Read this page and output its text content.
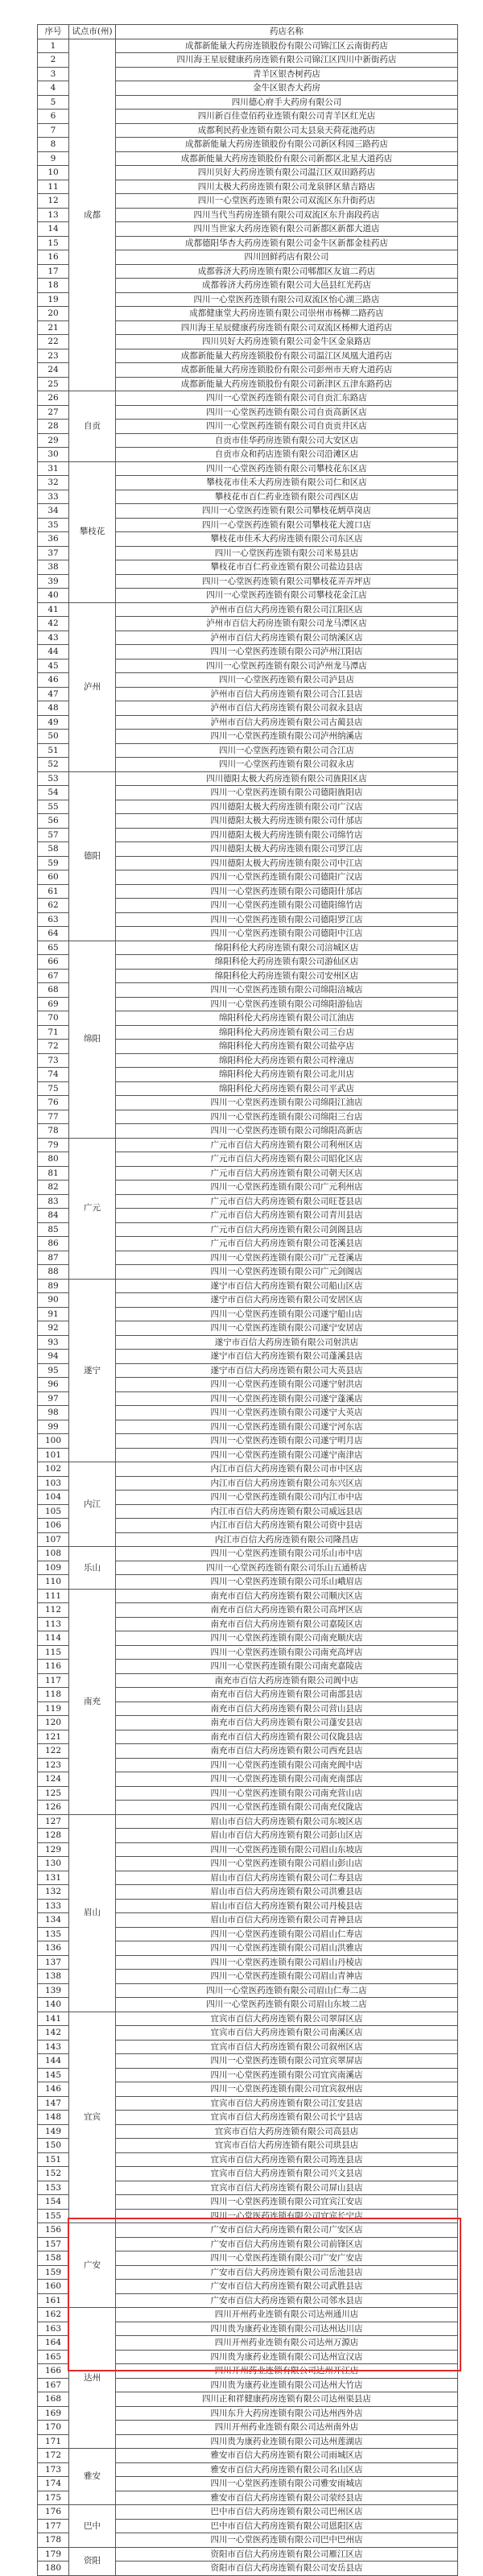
序号	试点市(州)	药店名称
1	成都	成都新能量大药房连锁股份有限公司锦江区云南街药店
2		四川海王星辰健康药房连锁有限公司锦江区四川中新街药店
3		青羊区银杏树药店
4		金牛区银杏大药房
5		四川德心府手大药房有限公司
6		四川新百佳壹佰药业连锁有限公司青羊区红光店
7		成都利民药业连锁有限公司太县泉天荷花池药店
8		成都新能量大药房连锁股份有限公司新区科园三路药店
9		成都新能量大药房连锁股份有限公司新都区北星大道药店
10		四川贝好大药房连锁有限公司温江区双田路药店
11		四川太极大药房连锁有限公司龙泉驿区鼎吉路店
12		四川一心堂医药连锁有限公司双流区东升街药店
13		四川当代当药房连锁有限公司双流区东升南段药店
14		四川当世家大药房连锁有限公司新都区新都大道店
15		成都德阳华杏大药房连锁有限公司金牛区新都金桂药店
16		四川回鲜药店有限公司
17		成都蓉济大药房连锁有限公司郫都区友谊二药店
18		成都蓉济大药房连锁有限公司大邑县红光药店
19		四川一心堂医药连锁有限公司双流区怡心湖三路店
20		成都健康堂大药房连锁有限公司崇州市杨柳二路药店
21		四川海王星辰健康药房连锁有限公司双流区杨柳大道药店
22		四川贝好大药房连锁有限公司金牛区金泉路店
23		成都新能量大药房连锁股份有限公司温江区凤凰大道药店
24		成都新能量大药房连锁股份有限公司彭州市天府大道药店
25		成都新能量大药房连锁股份有限公司新津区五津东路药店
26	自贡	四川一心堂医药连锁有限公司自贡汇东路店
27		四川一心堂医药连锁有限公司自贡高新区店
28		四川一心堂医药连锁有限公司自贡贡井区店
29		自贡市佳华药房连锁有限公司大安区店
30		自贡市众和药店连锁有限公司沿滩区店
31	攀枝花	四川一心堂医药连锁有限公司攀枝花东区店
32		攀枝花市佳禾大药房连锁有限公司仁和区店
33		攀枝花市百仁药业连锁有限公司西区店
34		四川一心堂医药连锁有限公司攀枝花炳草岗店
35		四川一心堂医药连锁有限公司攀枝花大渡口店
36		攀枝花市佳禾大药房连锁有限公司东区店
37		四川一心堂医药连锁有限公司米易县店
38		攀枝花市百仁药业连锁有限公司盐边县店
39		四川一心堂医药连锁有限公司攀枝花弄弄坪店
40		四川一心堂医药连锁有限公司攀枝花金江店
41	泸州	泸州市百信大药房连锁有限公司江阳区店
42		泸州市百信大药房连锁有限公司龙马潭区店
43		泸州市百信大药房连锁有限公司纳溪区店
44		四川一心堂医药连锁有限公司泸州江阳店
45		四川一心堂医药连锁有限公司泸州龙马潭店
46		四川一心堂医药连锁有限公司泸县店
47		泸州市百信大药房连锁有限公司合江县店
48		泸州市百信大药房连锁有限公司叙永县店
49		泸州市百信大药房连锁有限公司古蔺县店
50		四川一心堂医药连锁有限公司泸州纳溪店
51		四川一心堂医药连锁有限公司合江店
52		四川一心堂医药连锁有限公司叙永店
53	德阳	四川德阳太极大药房连锁有限公司旌阳区店
54		四川一心堂医药连锁有限公司德阳旌阳店
55		四川德阳太极大药房连锁有限公司广汉店
56		四川德阳太极大药房连锁有限公司什邡店
57		四川德阳太极大药房连锁有限公司绵竹店
58		四川德阳太极大药房连锁有限公司罗江店
59		四川德阳太极大药房连锁有限公司中江店
60		四川一心堂医药连锁有限公司德阳广汉店
61		四川一心堂医药连锁有限公司德阳什邡店
62		四川一心堂医药连锁有限公司德阳绵竹店
63		四川一心堂医药连锁有限公司德阳罗江店
64		四川一心堂医药连锁有限公司德阳中江店
65	绵阳	绵阳科伦大药房连锁有限公司涪城区店
66		绵阳科伦大药房连锁有限公司游仙区店
67		绵阳科伦大药房连锁有限公司安州区店
68		四川一心堂医药连锁有限公司绵阳涪城店
69		四川一心堂医药连锁有限公司绵阳游仙店
70		绵阳科伦大药房连锁有限公司江油店
71		绵阳科伦大药房连锁有限公司三台店
72		绵阳科伦大药房连锁有限公司盐亭店
73		绵阳科伦大药房连锁有限公司梓潼店
74		绵阳科伦大药房连锁有限公司北川店
75		绵阳科伦大药房连锁有限公司平武店
76		四川一心堂医药连锁有限公司绵阳江油店
77		四川一心堂医药连锁有限公司绵阳三台店
78		四川一心堂医药连锁有限公司绵阳高新店
79	广元	广元市百信大药房连锁有限公司利州区店
80		广元市百信大药房连锁有限公司昭化区店
81		广元市百信大药房连锁有限公司朝天区店
82		四川一心堂医药连锁有限公司广元利州店
83		广元市百信大药房连锁有限公司旺苍县店
84		广元市百信大药房连锁有限公司青川县店
85		广元市百信大药房连锁有限公司剑阁县店
86		广元市百信大药房连锁有限公司苍溪县店
87		四川一心堂医药连锁有限公司广元苍溪店
88		四川一心堂医药连锁有限公司广元剑阁店
89	遂宁	遂宁市百信大药房连锁有限公司船山区店
90		遂宁市百信大药房连锁有限公司安居区店
91		四川一心堂医药连锁有限公司遂宁船山店
92		四川一心堂医药连锁有限公司遂宁安居店
93		遂宁市百信大药房连锁有限公司射洪店
94		遂宁市百信大药房连锁有限公司蓬溪县店
95		遂宁市百信大药房连锁有限公司大英县店
96		四川一心堂医药连锁有限公司遂宁射洪店
97		四川一心堂医药连锁有限公司遂宁蓬溪店
98		四川一心堂医药连锁有限公司遂宁大英店
99		四川一心堂医药连锁有限公司遂宁河东店
100		四川一心堂医药连锁有限公司遂宁明月店
101		四川一心堂医药连锁有限公司遂宁南津店
102	内江	内江市百信大药房连锁有限公司市中区店
103		内江市百信大药房连锁有限公司东兴区店
104		四川一心堂医药连锁有限公司内江市中店
105		内江市百信大药房连锁有限公司威远县店
106		内江市百信大药房连锁有限公司资中县店
107		内江市百信大药房连锁有限公司隆昌店
108	乐山	四川一心堂医药连锁有限公司乐山市中店
109		四川一心堂医药连锁有限公司乐山五通桥店
110		四川一心堂医药连锁有限公司乐山峨眉店
111	南充	南充市百信大药房连锁有限公司顺庆区店
112		南充市百信大药房连锁有限公司高坪区店
113		南充市百信大药房连锁有限公司嘉陵区店
114		四川一心堂医药连锁有限公司南充顺庆店
115		四川一心堂医药连锁有限公司南充高坪店
116		四川一心堂医药连锁有限公司南充嘉陵店
117		南充市百信大药房连锁有限公司阆中店
118		南充市百信大药房连锁有限公司南部县店
119		南充市百信大药房连锁有限公司营山县店
120		南充市百信大药房连锁有限公司蓬安县店
121		南充市百信大药房连锁有限公司仪陇县店
122		南充市百信大药房连锁有限公司西充县店
123		四川一心堂医药连锁有限公司南充阆中店
124		四川一心堂医药连锁有限公司南充南部店
125		四川一心堂医药连锁有限公司南充营山店
126		四川一心堂医药连锁有限公司南充仪陇店
127	眉山	眉山市百信大药房连锁有限公司东坡区店
128		眉山市百信大药房连锁有限公司彭山区店
129		四川一心堂医药连锁有限公司眉山东坡店
130		四川一心堂医药连锁有限公司眉山彭山店
131		眉山市百信大药房连锁有限公司仁寿县店
132		眉山市百信大药房连锁有限公司洪雅县店
133		眉山市百信大药房连锁有限公司丹棱县店
134		眉山市百信大药房连锁有限公司青神县店
135		四川一心堂医药连锁有限公司眉山仁寿店
136		四川一心堂医药连锁有限公司眉山洪雅店
137		四川一心堂医药连锁有限公司眉山丹棱店
138		四川一心堂医药连锁有限公司眉山青神店
139		四川一心堂医药连锁有限公司眉山仁寿二店
140		四川一心堂医药连锁有限公司眉山东坡二店
141	宜宾	宜宾市百信大药房连锁有限公司翠屏区店
142		宜宾市百信大药房连锁有限公司南溪区店
143		宜宾市百信大药房连锁有限公司叙州区店
144		四川一心堂医药连锁有限公司宜宾翠屏店
145		四川一心堂医药连锁有限公司宜宾南溪店
146		四川一心堂医药连锁有限公司宜宾叙州店
147		宜宾市百信大药房连锁有限公司江安县店
148		宜宾市百信大药房连锁有限公司长宁县店
149		宜宾市百信大药房连锁有限公司高县店
150		宜宾市百信大药房连锁有限公司珙县店
151		宜宾市百信大药房连锁有限公司筠连县店
152		宜宾市百信大药房连锁有限公司兴文县店
153		宜宾市百信大药房连锁有限公司屏山县店
154		四川一心堂医药连锁有限公司宜宾江安店
155		四川一心堂医药连锁有限公司宜宾长宁店
156	广安	广安市百信大药房连锁有限公司广安区店
157		广安市百信大药房连锁有限公司前锋区店
158		四川一心堂医药连锁有限公司广安广安店
159		广安市百信大药房连锁有限公司岳池县店
160		广安市百信大药房连锁有限公司武胜县店
161		广安市百信大药房连锁有限公司邻水县店
162	达州	四川开州药业连锁有限公司达州通川店
163		四川贵为康药业连锁有限公司达州达川店
164		四川开州药业连锁有限公司达州万源店
165		四川贵为康药业连锁有限公司达州宣汉店
166		四川开州药业连锁有限公司达州开江店
167		四川贵为康药业连锁有限公司达州大竹店
168		四川正和祥健康药房连锁有限公司达州渠县店
169		四川东升大药房连锁有限公司达州西外店
170		四川开州药业连锁有限公司达州南外店
171		四川贵为康药业连锁有限公司达州莲湖店
172	雅安	雅安市百信大药房连锁有限公司雨城区店
173		雅安市百信大药房连锁有限公司名山区店
174		四川一心堂医药连锁有限公司雅安雨城店
175		雅安市百信大药房连锁有限公司荥经县店
176	巴中	巴中市百信大药房连锁有限公司巴州区店
177		巴中市百信大药房连锁有限公司恩阳区店
178		四川一心堂医药连锁有限公司巴中巴州店
179	资阳	资阳市百信大药房连锁有限公司雁江区店
180		资阳市百信大药房连锁有限公司安岳县店
